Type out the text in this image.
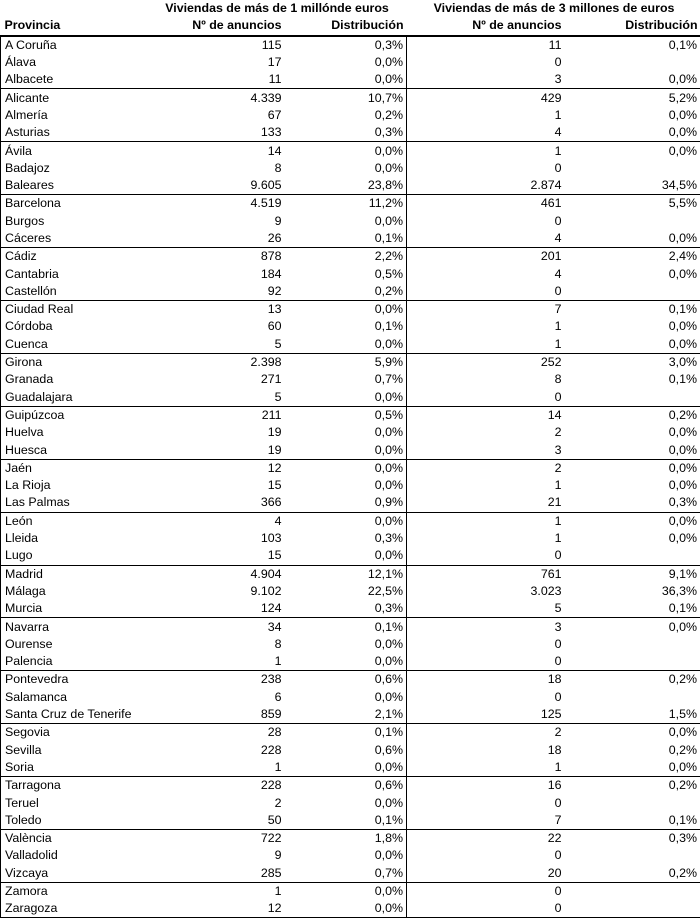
	Viviendas de más de 1 millónde euros		Viviendas de más de 3 millones de euros	
Provincia	Nº de anuncios	Distribución	Nº de anuncios	Distribución
A Coruña	115	0,3%	11	0,1%
Álava	17	0,0%	0	
Albacete	11	0,0%	3	0,0%
Alicante	4.339	10,7%	429	5,2%
Almería	67	0,2%	1	0,0%
Asturias	133	0,3%	4	0,0%
Ávila	14	0,0%	1	0,0%
Badajoz	8	0,0%	0	
Baleares	9.605	23,8%	2.874	34,5%
Barcelona	4.519	11,2%	461	5,5%
Burgos	9	0,0%	0	
Cáceres	26	0,1%	4	0,0%
Cádiz	878	2,2%	201	2,4%
Cantabria	184	0,5%	4	0,0%
Castellón	92	0,2%	0	
Ciudad Real	13	0,0%	7	0,1%
Córdoba	60	0,1%	1	0,0%
Cuenca	5	0,0%	1	0,0%
Girona	2.398	5,9%	252	3,0%
Granada	271	0,7%	8	0,1%
Guadalajara	5	0,0%	0	
Guipúzcoa	211	0,5%	14	0,2%
Huelva	19	0,0%	2	0,0%
Huesca	19	0,0%	3	0,0%
Jaén	12	0,0%	2	0,0%
La Rioja	15	0,0%	1	0,0%
Las Palmas	366	0,9%	21	0,3%
León	4	0,0%	1	0,0%
Lleida	103	0,3%	1	0,0%
Lugo	15	0,0%	0	
Madrid	4.904	12,1%	761	9,1%
Málaga	9.102	22,5%	3.023	36,3%
Murcia	124	0,3%	5	0,1%
Navarra	34	0,1%	3	0,0%
Ourense	8	0,0%	0	
Palencia	1	0,0%	0	
Pontevedra	238	0,6%	18	0,2%
Salamanca	6	0,0%	0	
Santa Cruz de Tenerife	859	2,1%	125	1,5%
Segovia	28	0,1%	2	0,0%
Sevilla	228	0,6%	18	0,2%
Soria	1	0,0%	1	0,0%
Tarragona	228	0,6%	16	0,2%
Teruel	2	0,0%	0	
Toledo	50	0,1%	7	0,1%
València	722	1,8%	22	0,3%
Valladolid	9	0,0%	0	
Vizcaya	285	0,7%	20	0,2%
Zamora	1	0,0%	0	
Zaragoza	12	0,0%	0	
